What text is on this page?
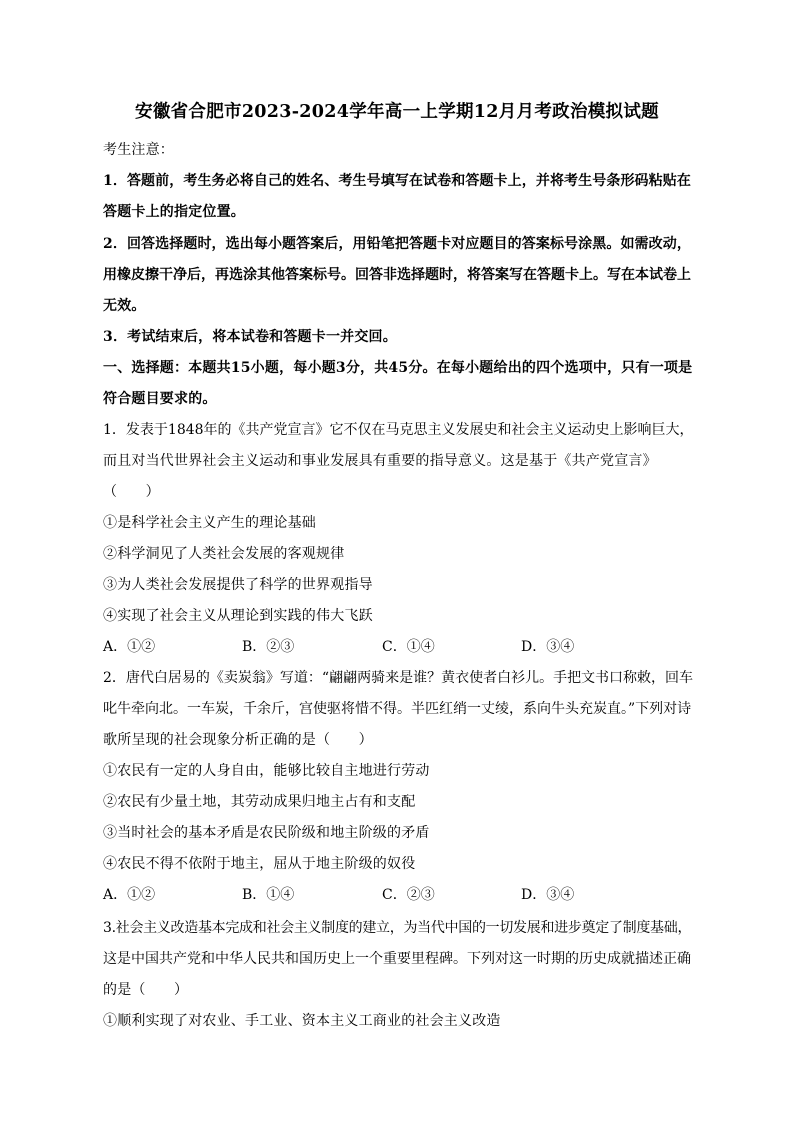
安徽省合肥市2023-2024学年高一上学期12月月考政治模拟试题
考生注意：
1．答题前，考生务必将自己的姓名、考生号填写在试卷和答题卡上，并将考生号条形码粘贴在
答题卡上的指定位置。
2．回答选择题时，选出每小题答案后，用铅笔把答题卡对应题目的答案标号涂黑。如需改动，
用橡皮擦干净后，再选涂其他答案标号。回答非选择题时，将答案写在答题卡上。写在本试卷上
无效。
3．考试结束后，将本试卷和答题卡一并交回。
一、选择题：本题共15小题，每小题3分，共45分。在每小题给出的四个选项中，只有一项是
符合题目要求的。
1．发表于1848年的《共产党宣言》它不仅在马克思主义发展史和社会主义运动史上影响巨大，
而且对当代世界社会主义运动和事业发展具有重要的指导意义。这是基于《共产党宣言》
（　　）
①是科学社会主义产生的理论基础
②科学洞见了人类社会发展的客观规律
③为人类社会发展提供了科学的世界观指导
④实现了社会主义从理论到实践的伟大飞跃
A．①②	B．②③	C．①④	D．③④
2．唐代白居易的《卖炭翁》写道：“翩翩两骑来是谁？黄衣使者白衫儿。手把文书口称敕，回车
叱牛牵向北。一车炭，千余斤，宫使驱将惜不得。半匹红绡一丈绫，系向牛头充炭直。”下列对诗
歌所呈现的社会现象分析正确的是（　　）
①农民有一定的人身自由，能够比较自主地进行劳动
②农民有少量土地，其劳动成果归地主占有和支配
③当时社会的基本矛盾是农民阶级和地主阶级的矛盾
④农民不得不依附于地主，屈从于地主阶级的奴役
A．①②	B．①④	C．②③	D．③④
3.社会主义改造基本完成和社会主义制度的建立，为当代中国的一切发展和进步奠定了制度基础，
这是中国共产党和中华人民共和国历史上一个重要里程碑。下列对这一时期的历史成就描述正确
的是（　　）
①顺利实现了对农业、手工业、资本主义工商业的社会主义改造
